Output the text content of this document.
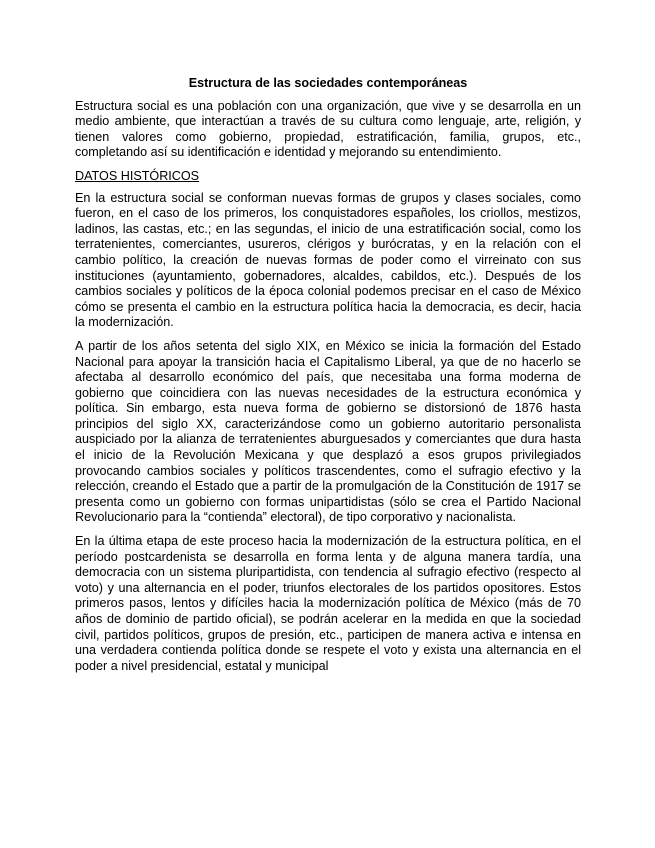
Estructura de las sociedades contemporáneas

Estructura social es una población con una organización, que vive y se desarrolla en un medio ambiente, que interactúan a través de su cultura como lenguaje, arte, religión, y tienen valores como gobierno, propiedad, estratificación, familia, grupos, etc., completando así su identificación e identidad y mejorando su entendimiento.

DATOS HISTÓRICOS

En la estructura social se conforman nuevas formas de grupos y clases sociales, como fueron, en el caso de los primeros, los conquistadores españoles, los criollos, mestizos, ladinos, las castas, etc.; en las segundas, el inicio de una estratificación social, como los terratenientes, comerciantes, usureros, clérigos y burócratas, y en la relación con el cambio político, la creación de nuevas formas de poder como el virreinato con sus instituciones (ayuntamiento, gobernadores, alcaldes, cabildos, etc.). Después de los cambios sociales y políticos de la época colonial podemos precisar en el caso de México cómo se presenta el cambio en la estructura política hacia la democracia, es decir, hacia la modernización.

A partir de los años setenta del siglo XIX, en México se inicia la formación del Estado Nacional para apoyar la transición hacia el Capitalismo Liberal, ya que de no hacerlo se afectaba al desarrollo económico del país, que necesitaba una forma moderna de gobierno que coincidiera con las nuevas necesidades de la estructura económica y política. Sin embargo, esta nueva forma de gobierno se distorsionó de 1876 hasta principios del siglo XX, caracterizándose como un gobierno autoritario personalista auspiciado por la alianza de terratenientes aburguesados y comerciantes que dura hasta el inicio de la Revolución Mexicana y que desplazó a esos grupos privilegiados provocando cambios sociales y políticos trascendentes, como el sufragio efectivo y la relección, creando el Estado que a partir de la promulgación de la Constitución de 1917 se presenta como un gobierno con formas unipartidistas (sólo se crea el Partido Nacional Revolucionario para la “contienda” electoral), de tipo corporativo y nacionalista.

En la última etapa de este proceso hacia la modernización de la estructura política, en el período postcardenista se desarrolla en forma lenta y de alguna manera tardía, una democracia con un sistema pluripartidista, con tendencia al sufragio efectivo (respecto al voto) y una alternancia en el poder, triunfos electorales de los partidos opositores. Estos primeros pasos, lentos y difíciles hacia la modernización política de México (más de 70 años de dominio de partido oficial), se podrán acelerar en la medida en que la sociedad civil, partidos políticos, grupos de presión, etc., participen de manera activa e intensa en una verdadera contienda política donde se respete el voto y exista una alternancia en el poder a nivel presidencial, estatal y municipal
